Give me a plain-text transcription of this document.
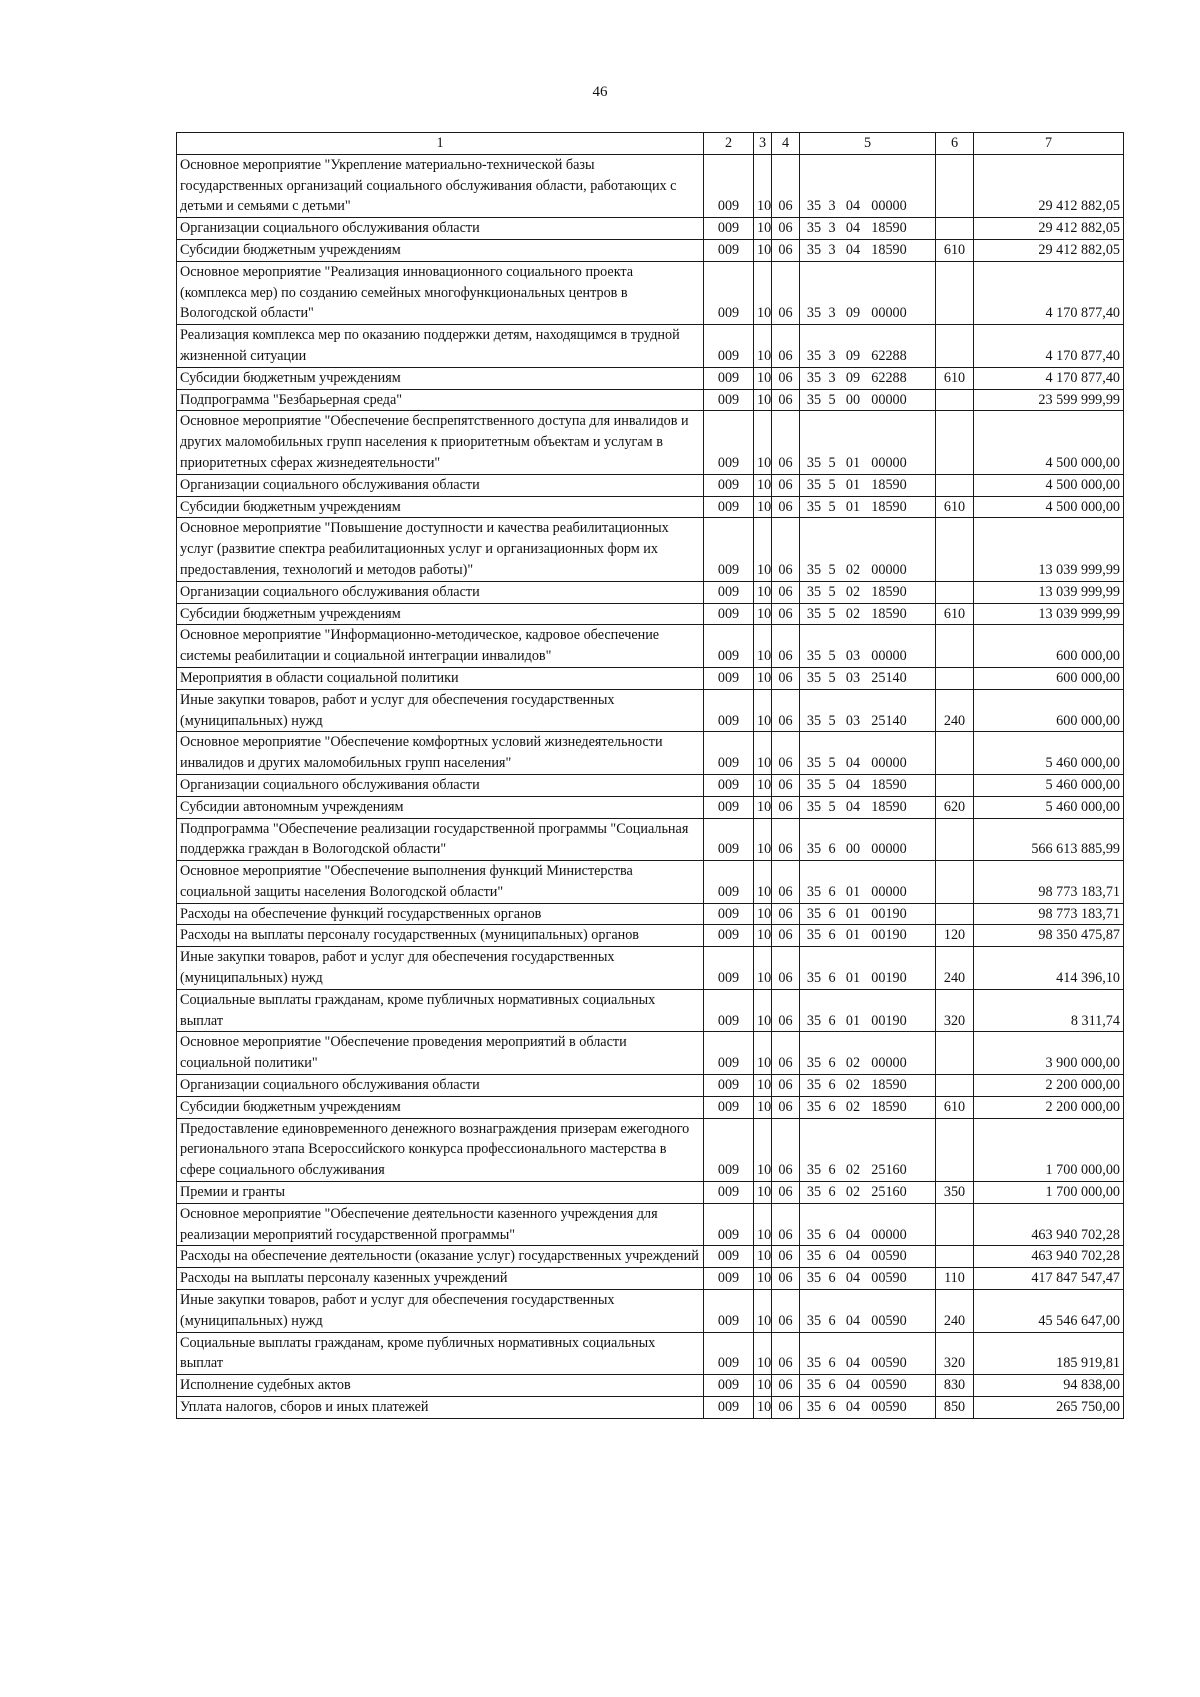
46
1	2	3	4	5	6	7
Основное мероприятие "Укрепление материально-технической базы государственных организаций социального обслуживания области, работающих с детьми и семьями с детьми"	009	10	06	35 3 04 00000		29 412 882,05
Организации социального обслуживания области	009	10	06	35 3 04 18590		29 412 882,05
Субсидии бюджетным учреждениям	009	10	06	35 3 04 18590	610	29 412 882,05
Основное мероприятие "Реализация инновационного социального проекта (комплекса мер) по созданию семейных многофункциональных центров в Вологодской области"	009	10	06	35 3 09 00000		4 170 877,40
Реализация комплекса мер по оказанию поддержки детям, находящимся в трудной жизненной ситуации	009	10	06	35 3 09 62288		4 170 877,40
Субсидии бюджетным учреждениям	009	10	06	35 3 09 62288	610	4 170 877,40
Подпрограмма "Безбарьерная среда"	009	10	06	35 5 00 00000		23 599 999,99
Основное мероприятие "Обеспечение беспрепятственного доступа для инвалидов и других маломобильных групп населения к приоритетным объектам и услугам в приоритетных сферах жизнедеятельности"	009	10	06	35 5 01 00000		4 500 000,00
Организации социального обслуживания области	009	10	06	35 5 01 18590		4 500 000,00
Субсидии бюджетным учреждениям	009	10	06	35 5 01 18590	610	4 500 000,00
Основное мероприятие "Повышение доступности и качества реабилитационных услуг (развитие спектра реабилитационных услуг и организационных форм их предоставления, технологий и методов работы)"	009	10	06	35 5 02 00000		13 039 999,99
Организации социального обслуживания области	009	10	06	35 5 02 18590		13 039 999,99
Субсидии бюджетным учреждениям	009	10	06	35 5 02 18590	610	13 039 999,99
Основное мероприятие "Информационно-методическое, кадровое обеспечение системы реабилитации и социальной интеграции инвалидов"	009	10	06	35 5 03 00000		600 000,00
Мероприятия в области социальной политики	009	10	06	35 5 03 25140		600 000,00
Иные закупки товаров, работ и услуг для обеспечения государственных (муниципальных) нужд	009	10	06	35 5 03 25140	240	600 000,00
Основное мероприятие "Обеспечение комфортных условий жизнедеятельности инвалидов и других маломобильных групп населения"	009	10	06	35 5 04 00000		5 460 000,00
Организации социального обслуживания области	009	10	06	35 5 04 18590		5 460 000,00
Субсидии автономным учреждениям	009	10	06	35 5 04 18590	620	5 460 000,00
Подпрограмма "Обеспечение реализации государственной программы "Социальная поддержка граждан в Вологодской области"	009	10	06	35 6 00 00000		566 613 885,99
Основное мероприятие "Обеспечение выполнения функций Министерства социальной защиты населения Вологодской области"	009	10	06	35 6 01 00000		98 773 183,71
Расходы на обеспечение функций государственных органов	009	10	06	35 6 01 00190		98 773 183,71
Расходы на выплаты персоналу государственных (муниципальных) органов	009	10	06	35 6 01 00190	120	98 350 475,87
Иные закупки товаров, работ и услуг для обеспечения государственных (муниципальных) нужд	009	10	06	35 6 01 00190	240	414 396,10
Социальные выплаты гражданам, кроме публичных нормативных социальных выплат	009	10	06	35 6 01 00190	320	8 311,74
Основное мероприятие "Обеспечение проведения мероприятий в области социальной политики"	009	10	06	35 6 02 00000		3 900 000,00
Организации социального обслуживания области	009	10	06	35 6 02 18590		2 200 000,00
Субсидии бюджетным учреждениям	009	10	06	35 6 02 18590	610	2 200 000,00
Предоставление единовременного денежного вознаграждения призерам ежегодного регионального этапа Всероссийского конкурса профессионального мастерства в сфере социального обслуживания	009	10	06	35 6 02 25160		1 700 000,00
Премии и гранты	009	10	06	35 6 02 25160	350	1 700 000,00
Основное мероприятие "Обеспечение деятельности казенного учреждения для реализации мероприятий государственной программы"	009	10	06	35 6 04 00000		463 940 702,28
Расходы на обеспечение деятельности (оказание услуг) государственных учреждений	009	10	06	35 6 04 00590		463 940 702,28
Расходы на выплаты персоналу казенных учреждений	009	10	06	35 6 04 00590	110	417 847 547,47
Иные закупки товаров, работ и услуг для обеспечения государственных (муниципальных) нужд	009	10	06	35 6 04 00590	240	45 546 647,00
Социальные выплаты гражданам, кроме публичных нормативных социальных выплат	009	10	06	35 6 04 00590	320	185 919,81
Исполнение судебных актов	009	10	06	35 6 04 00590	830	94 838,00
Уплата налогов, сборов и иных платежей	009	10	06	35 6 04 00590	850	265 750,00
